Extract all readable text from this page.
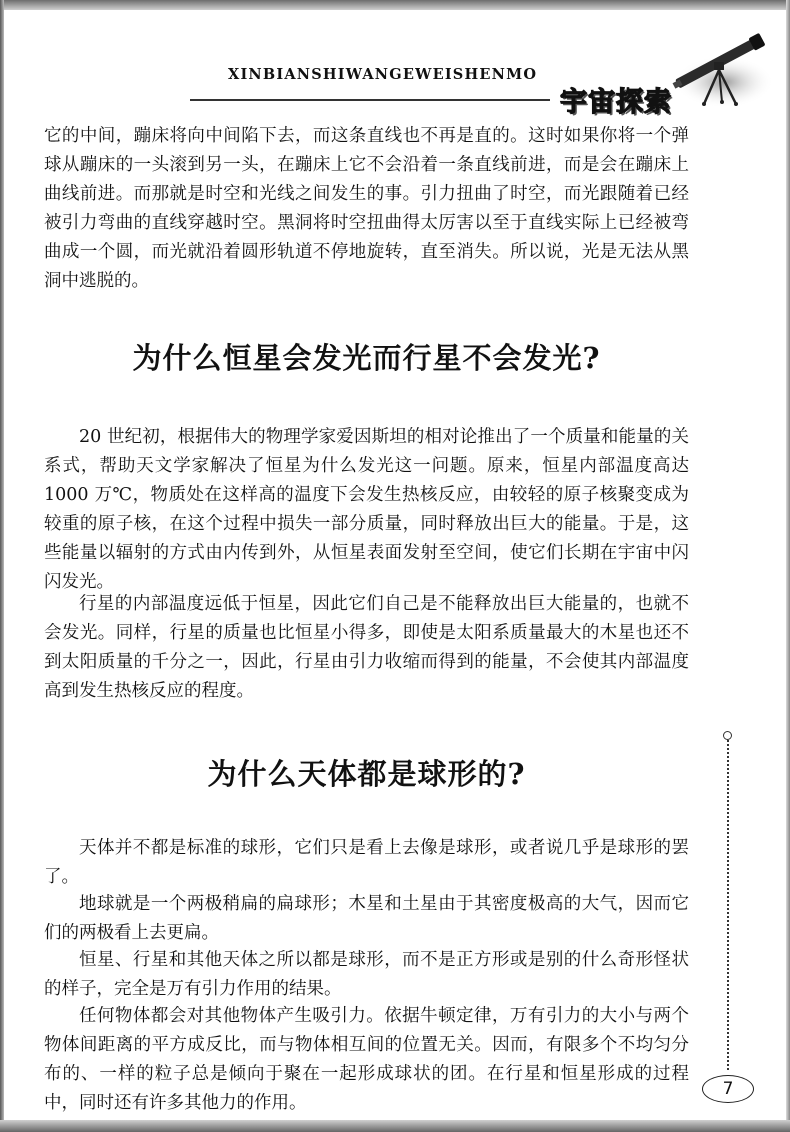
XINBIANSHIWANGEWEISHENMO
宇宙探索
它的中间，蹦床将向中间陷下去，而这条直线也不再是直的。这时如果你将一个弹球从蹦床的一头滚到另一头，在蹦床上它不会沿着一条直线前进，而是会在蹦床上曲线前进。而那就是时空和光线之间发生的事。引力扭曲了时空，而光跟随着已经被引力弯曲的直线穿越时空。黑洞将时空扭曲得太厉害以至于直线实际上已经被弯曲成一个圆，而光就沿着圆形轨道不停地旋转，直至消失。所以说，光是无法从黑洞中逃脱的。
为什么恒星会发光而行星不会发光?
20 世纪初，根据伟大的物理学家爱因斯坦的相对论推出了一个质量和能量的关系式，帮助天文学家解决了恒星为什么发光这一问题。原来，恒星内部温度高达 1000 万℃，物质处在这样高的温度下会发生热核反应，由较轻的原子核聚变成为较重的原子核，在这个过程中损失一部分质量，同时释放出巨大的能量。于是，这些能量以辐射的方式由内传到外，从恒星表面发射至空间，使它们长期在宇宙中闪闪发光。
行星的内部温度远低于恒星，因此它们自己是不能释放出巨大能量的，也就不会发光。同样，行星的质量也比恒星小得多，即使是太阳系质量最大的木星也还不到太阳质量的千分之一，因此，行星由引力收缩而得到的能量，不会使其内部温度高到发生热核反应的程度。
为什么天体都是球形的?
天体并不都是标准的球形，它们只是看上去像是球形，或者说几乎是球形的罢了。
地球就是一个两极稍扁的扁球形；木星和土星由于其密度极高的大气，因而它们的两极看上去更扁。
恒星、行星和其他天体之所以都是球形，而不是正方形或是别的什么奇形怪状的样子，完全是万有引力作用的结果。
任何物体都会对其他物体产生吸引力。依据牛顿定律，万有引力的大小与两个物体间距离的平方成反比，而与物体相互间的位置无关。因而，有限多个不均匀分布的、一样的粒子总是倾向于聚在一起形成球状的团。在行星和恒星形成的过程中，同时还有许多其他力的作用。
7
